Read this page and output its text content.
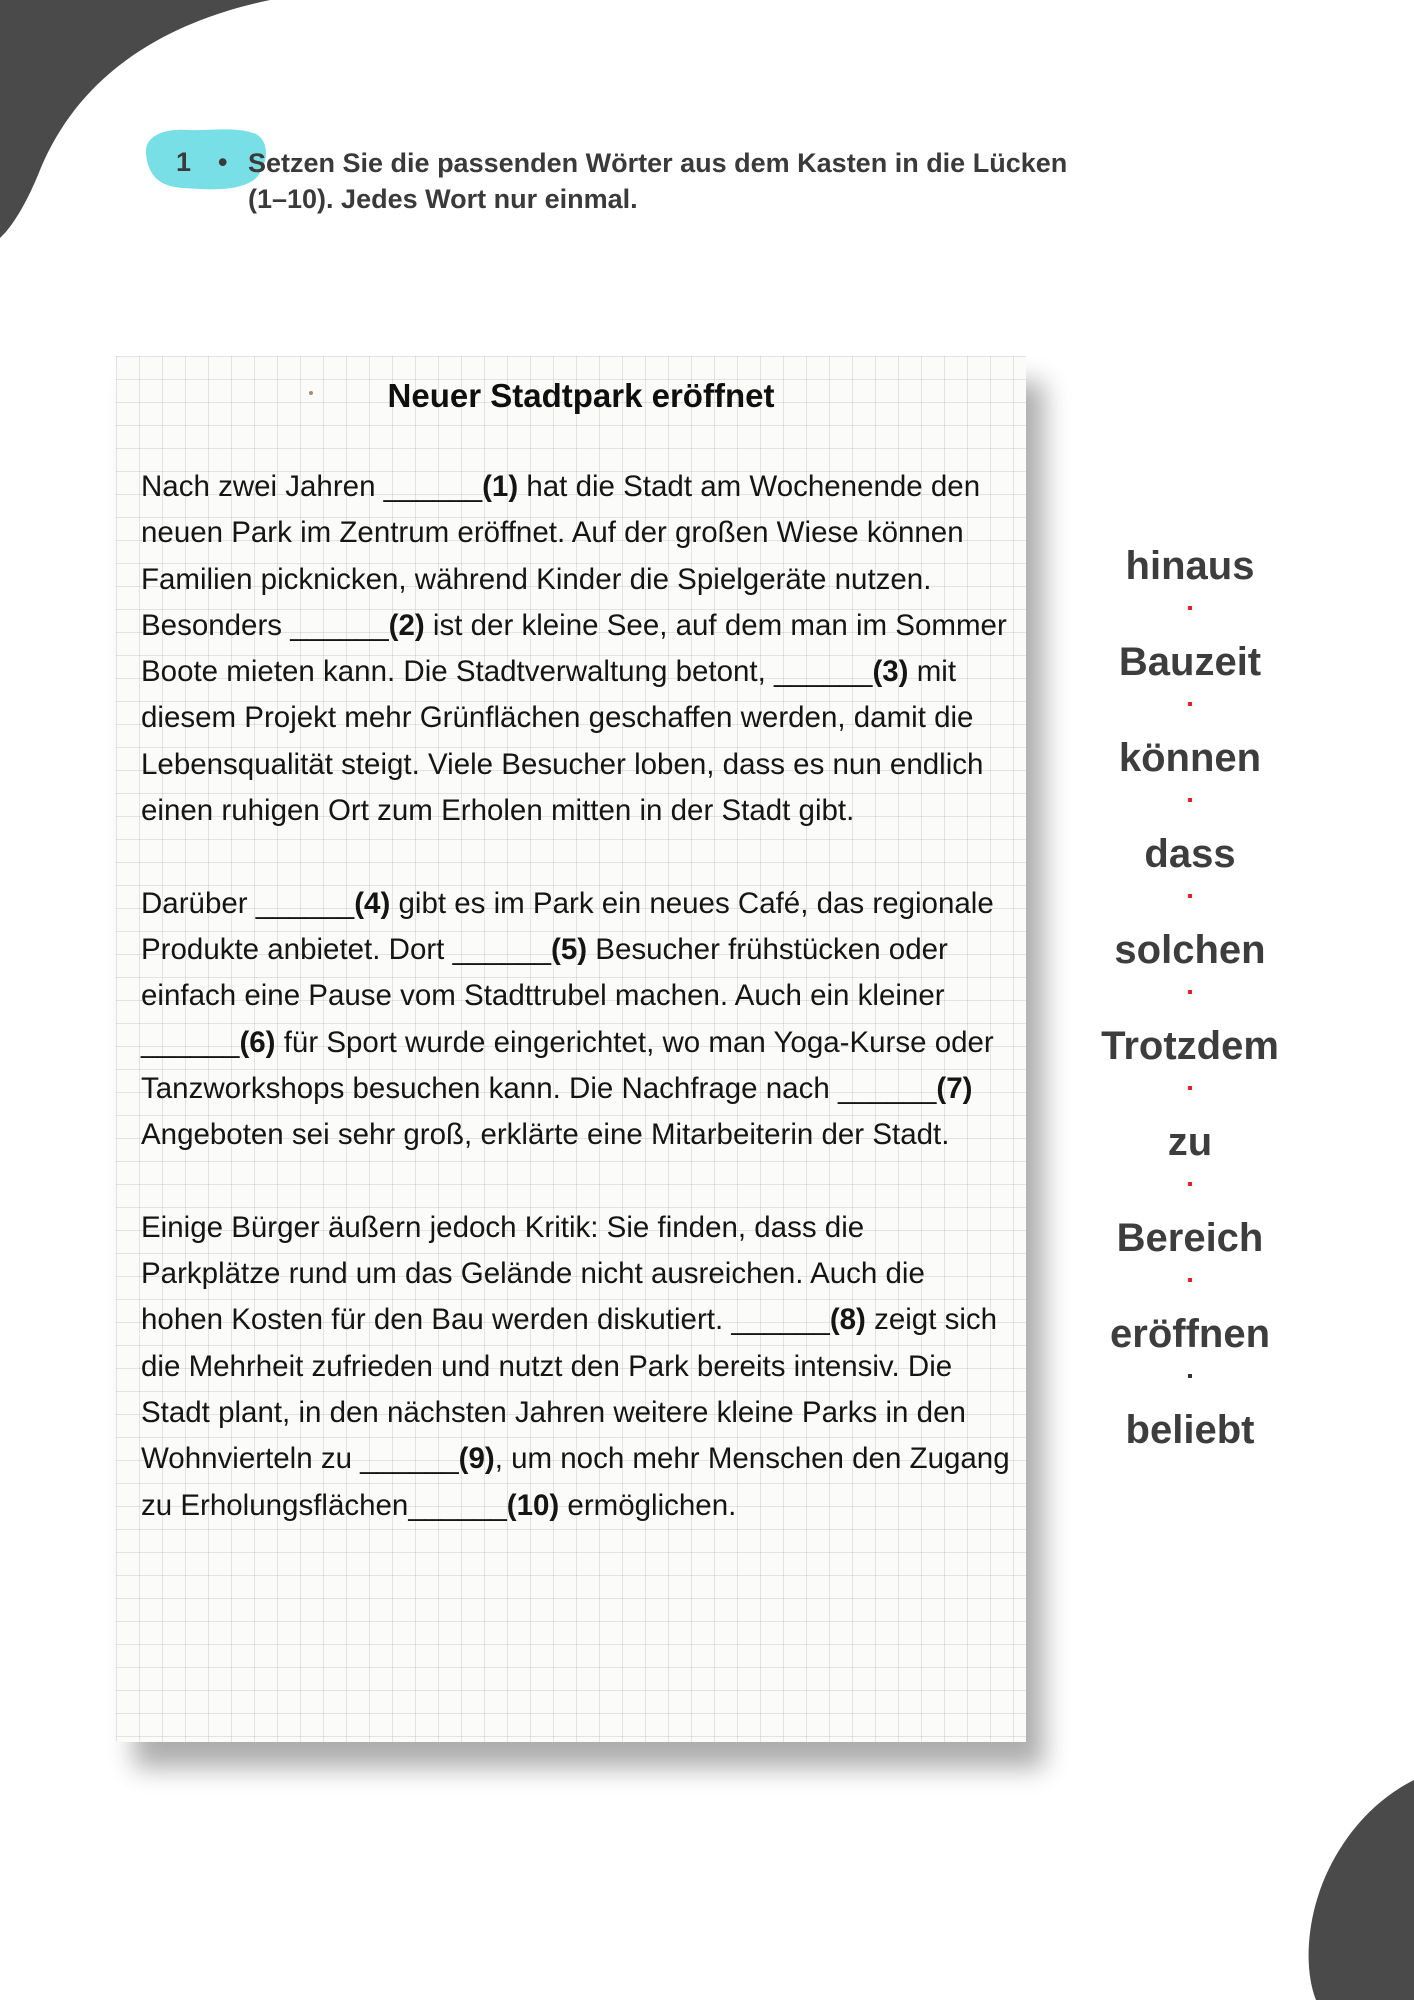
1 • Setzen Sie die passenden Wörter aus dem Kasten in die Lücken (1–10). Jedes Wort nur einmal.
Neuer Stadtpark eröffnet

Nach zwei Jahren ______(1) hat die Stadt am Wochenende den neuen Park im Zentrum eröffnet. Auf der großen Wiese können Familien picknicken, während Kinder die Spielgeräte nutzen. Besonders ______(2) ist der kleine See, auf dem man im Sommer Boote mieten kann. Die Stadtverwaltung betont, ______(3) mit diesem Projekt mehr Grünflächen geschaffen werden, damit die Lebensqualität steigt. Viele Besucher loben, dass es nun endlich einen ruhigen Ort zum Erholen mitten in der Stadt gibt.

Darüber ______(4) gibt es im Park ein neues Café, das regionale Produkte anbietet. Dort ______(5) Besucher frühstücken oder einfach eine Pause vom Stadttrubel machen. Auch ein kleiner ______(6) für Sport wurde eingerichtet, wo man Yoga-Kurse oder Tanzworkshops besuchen kann. Die Nachfrage nach ______(7) Angeboten sei sehr groß, erklärte eine Mitarbeiterin der Stadt.

Einige Bürger äußern jedoch Kritik: Sie finden, dass die Parkplätze rund um das Gelände nicht ausreichen. Auch die hohen Kosten für den Bau werden diskutiert. ______(8) zeigt sich die Mehrheit zufrieden und nutzt den Park bereits intensiv. Die Stadt plant, in den nächsten Jahren weitere kleine Parks in den Wohnvierteln zu ______(9), um noch mehr Menschen den Zugang zu Erholungsflächen______(10) ermöglichen.

hinaus
Bauzeit
können
dass
solchen
Trotzdem
zu
Bereich
eröffnen
beliebt
